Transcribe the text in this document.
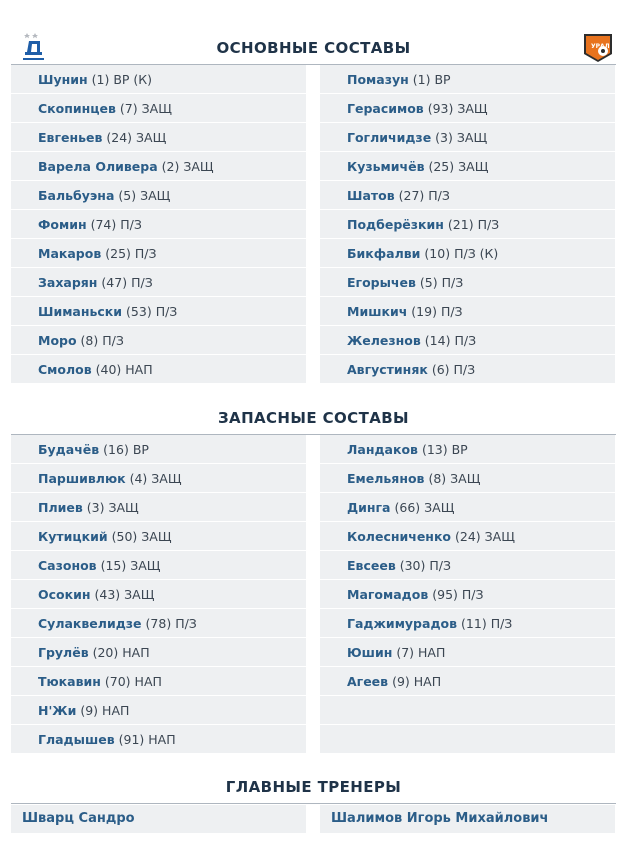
ОСНОВНЫЕ СОСТАВЫ	УРАЛ
Шунин (1) ВР (К)
Скопинцев (7) ЗАЩ
Евгеньев (24) ЗАЩ
Варела Оливера (2) ЗАЩ
Бальбуэна (5) ЗАЩ
Фомин (74) П/З
Макаров (25) П/З
Захарян (47) П/З
Шиманьски (53) П/З
Моро (8) П/З
Смолов (40) НАП
Помазун (1) ВР
Герасимов (93) ЗАЩ
Гогличидзе (3) ЗАЩ
Кузьмичёв (25) ЗАЩ
Шатов (27) П/З
Подберёзкин (21) П/З
Бикфалви (10) П/З (К)
Егорычев (5) П/З
Мишкич (19) П/З
Железнов (14) П/З
Августиняк (6) П/З
ЗАПАСНЫЕ СОСТАВЫ
Будачёв (16) ВР
Паршивлюк (4) ЗАЩ
Плиев (3) ЗАЩ
Кутицкий (50) ЗАЩ
Сазонов (15) ЗАЩ
Осокин (43) ЗАЩ
Сулаквелидзе (78) П/З
Грулёв (20) НАП
Тюкавин (70) НАП
Н'Жи (9) НАП
Гладышев (91) НАП
Ландаков (13) ВР
Емельянов (8) ЗАЩ
Динга (66) ЗАЩ
Колесниченко (24) ЗАЩ
Евсеев (30) П/З
Магомадов (95) П/З
Гаджимурадов (11) П/З
Юшин (7) НАП
Агеев (9) НАП
ГЛАВНЫЕ ТРЕНЕРЫ
Шварц Сандро	Шалимов Игорь Михайлович
